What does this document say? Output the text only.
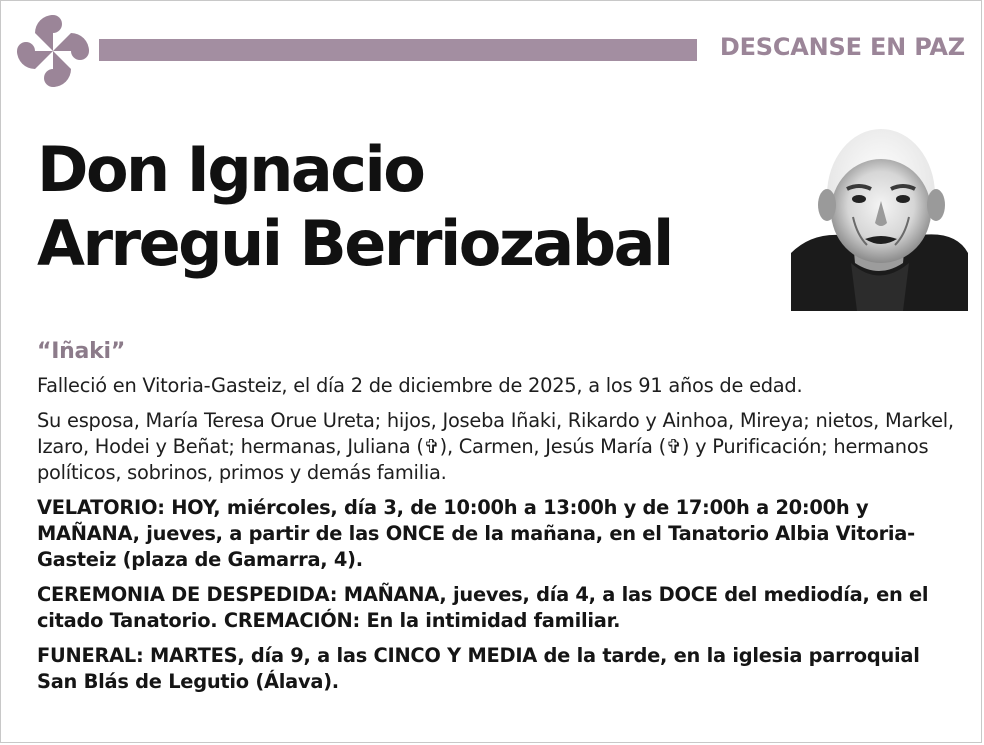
DESCANSE EN PAZ
Don Ignacio
Arregui Berriozabal

“Iñaki”

Falleció en Vitoria-Gasteiz, el día 2 de diciembre de 2025, a los 91 años de edad.

Su esposa, María Teresa Orue Ureta; hijos, Joseba Iñaki, Rikardo y Ainhoa, Mireya; nietos, Markel, Izaro, Hodei y Beñat; hermanas, Juliana (✞), Carmen, Jesús María (✞) y Purificación; hermanos políticos, sobrinos, primos y demás familia.

VELATORIO: HOY, miércoles, día 3, de 10:00h a 13:00h y de 17:00h a 20:00h y MAÑANA, jueves, a partir de las ONCE de la mañana, en el Tanatorio Albia Vitoria-Gasteiz (plaza de Gamarra, 4).

CEREMONIA DE DESPEDIDA: MAÑANA, jueves, día 4, a las DOCE del mediodía, en el citado Tanatorio. CREMACIÓN: En la intimidad familiar.

FUNERAL: MARTES, día 9, a las CINCO Y MEDIA de la tarde, en la iglesia parroquial San Blás de Legutio (Álava).
